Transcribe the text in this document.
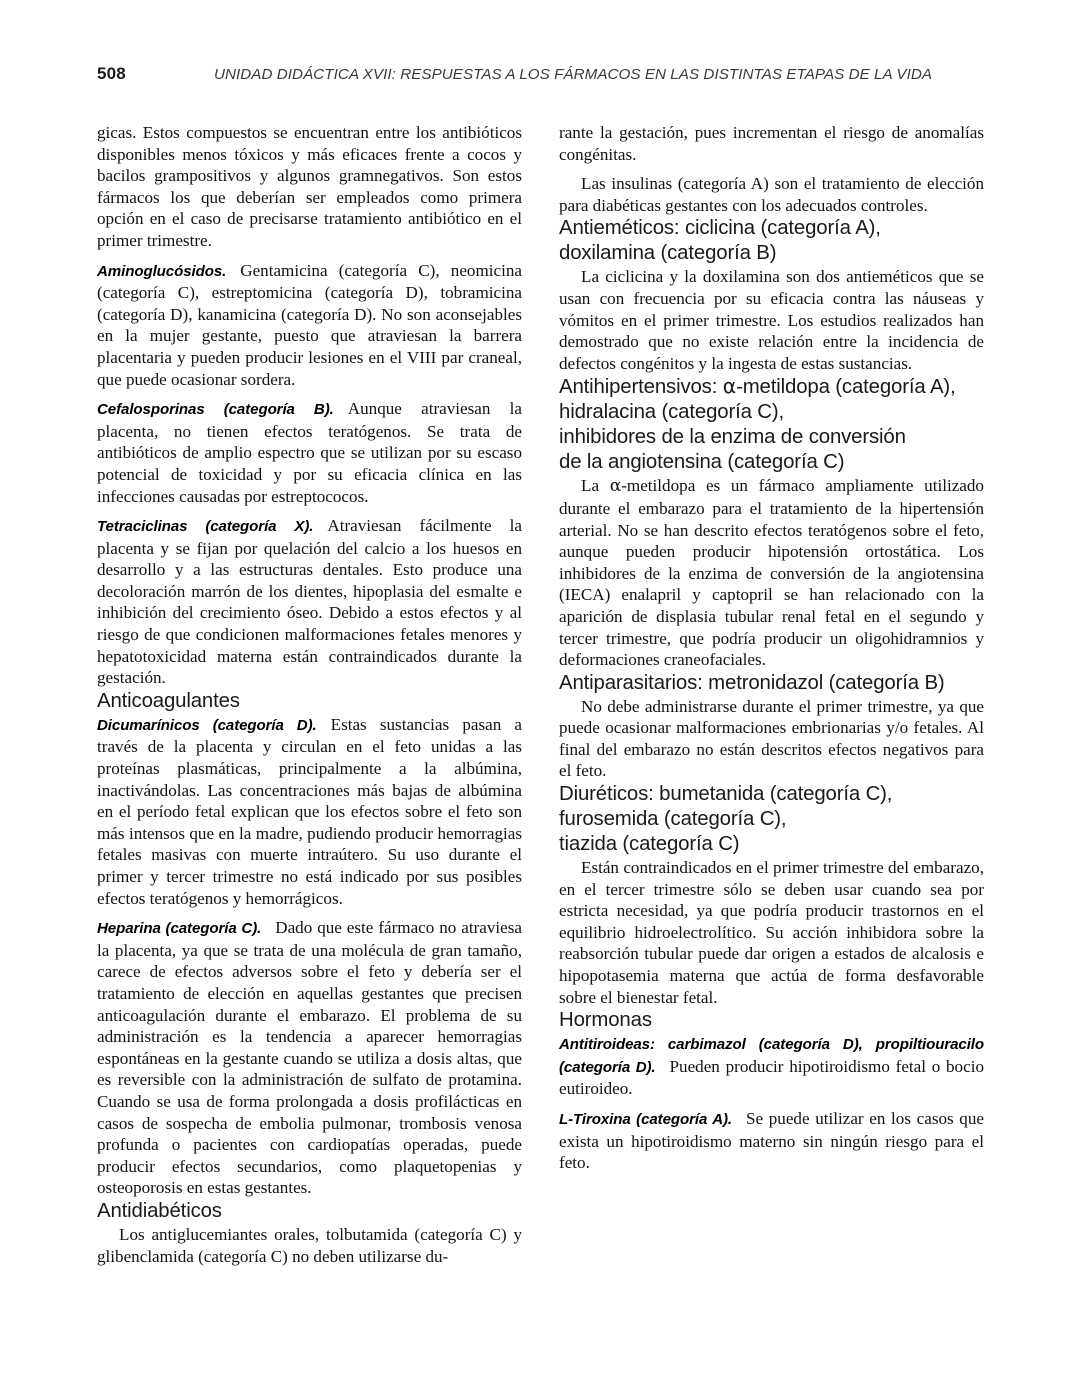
508	UNIDAD DIDÁCTICA XVII: RESPUESTAS A LOS FÁRMACOS EN LAS DISTINTAS ETAPAS DE LA VIDA

gicas. Estos compuestos se encuentran entre los antibióticos disponibles menos tóxicos y más eficaces frente a cocos y bacilos grampositivos y algunos gramnegativos. Son estos fármacos los que deberían ser empleados como primera opción en el caso de precisarse tratamiento antibiótico en el primer trimestre.

Aminoglucósidos. Gentamicina (categoría C), neomicina (categoría C), estreptomicina (categoría D), tobramicina (categoría D), kanamicina (categoría D). No son aconsejables en la mujer gestante, puesto que atraviesan la barrera placentaria y pueden producir lesiones en el VIII par craneal, que puede ocasionar sordera.

Cefalosporinas (categoría B). Aunque atraviesan la placenta, no tienen efectos teratógenos. Se trata de antibióticos de amplio espectro que se utilizan por su escaso potencial de toxicidad y por su eficacia clínica en las infecciones causadas por estreptococos.

Tetraciclinas (categoría X). Atraviesan fácilmente la placenta y se fijan por quelación del calcio a los huesos en desarrollo y a las estructuras dentales. Esto produce una decoloración marrón de los dientes, hipoplasia del esmalte e inhibición del crecimiento óseo. Debido a estos efectos y al riesgo de que condicionen malformaciones fetales menores y hepatotoxicidad materna están contraindicados durante la gestación.

Anticoagulantes

Dicumarínicos (categoría D). Estas sustancias pasan a través de la placenta y circulan en el feto unidas a las proteínas plasmáticas, principalmente a la albúmina, inactivándolas. Las concentraciones más bajas de albúmina en el período fetal explican que los efectos sobre el feto son más intensos que en la madre, pudiendo producir hemorragias fetales masivas con muerte intraútero. Su uso durante el primer y tercer trimestre no está indicado por sus posibles efectos teratógenos y hemorrágicos.

Heparina (categoría C). Dado que este fármaco no atraviesa la placenta, ya que se trata de una molécula de gran tamaño, carece de efectos adversos sobre el feto y debería ser el tratamiento de elección en aquellas gestantes que precisen anticoagulación durante el embarazo. El problema de su administración es la tendencia a aparecer hemorragias espontáneas en la gestante cuando se utiliza a dosis altas, que es reversible con la administración de sulfato de protamina. Cuando se usa de forma prolongada a dosis profilácticas en casos de sospecha de embolia pulmonar, trombosis venosa profunda o pacientes con cardiopatías operadas, puede producir efectos secundarios, como plaquetopenias y osteoporosis en estas gestantes.

Antidiabéticos

Los antiglucemiantes orales, tolbutamida (categoría C) y glibenclamida (categoría C) no deben utilizarse du-

rante la gestación, pues incrementan el riesgo de anomalías congénitas.

Las insulinas (categoría A) son el tratamiento de elección para diabéticas gestantes con los adecuados controles.

Antieméticos: ciclicina (categoría A),
doxilamina (categoría B)

La ciclicina y la doxilamina son dos antieméticos que se usan con frecuencia por su eficacia contra las náuseas y vómitos en el primer trimestre. Los estudios realizados han demostrado que no existe relación entre la incidencia de defectos congénitos y la ingesta de estas sustancias.

Antihipertensivos: α-metildopa (categoría A),
hidralacina (categoría C),
inhibidores de la enzima de conversión
de la angiotensina (categoría C)

La α-metildopa es un fármaco ampliamente utilizado durante el embarazo para el tratamiento de la hipertensión arterial. No se han descrito efectos teratógenos sobre el feto, aunque pueden producir hipotensión ortostática. Los inhibidores de la enzima de conversión de la angiotensina (IECA) enalapril y captopril se han relacionado con la aparición de displasia tubular renal fetal en el segundo y tercer trimestre, que podría producir un oligohidramnios y deformaciones craneofaciales.

Antiparasitarios: metronidazol (categoría B)

No debe administrarse durante el primer trimestre, ya que puede ocasionar malformaciones embrionarias y/o fetales. Al final del embarazo no están descritos efectos negativos para el feto.

Diuréticos: bumetanida (categoría C),
furosemida (categoría C),
tiazida (categoría C)

Están contraindicados en el primer trimestre del embarazo, en el tercer trimestre sólo se deben usar cuando sea por estricta necesidad, ya que podría producir trastornos en el equilibrio hidroelectrolítico. Su acción inhibidora sobre la reabsorción tubular puede dar origen a estados de alcalosis e hipopotasemia materna que actúa de forma desfavorable sobre el bienestar fetal.

Hormonas

Antitiroideas: carbimazol (categoría D), propiltiouracilo (categoría D). Pueden producir hipotiroidismo fetal o bocio eutiroideo.

L-Tiroxina (categoría A). Se puede utilizar en los casos que exista un hipotiroidismo materno sin ningún riesgo para el feto.
